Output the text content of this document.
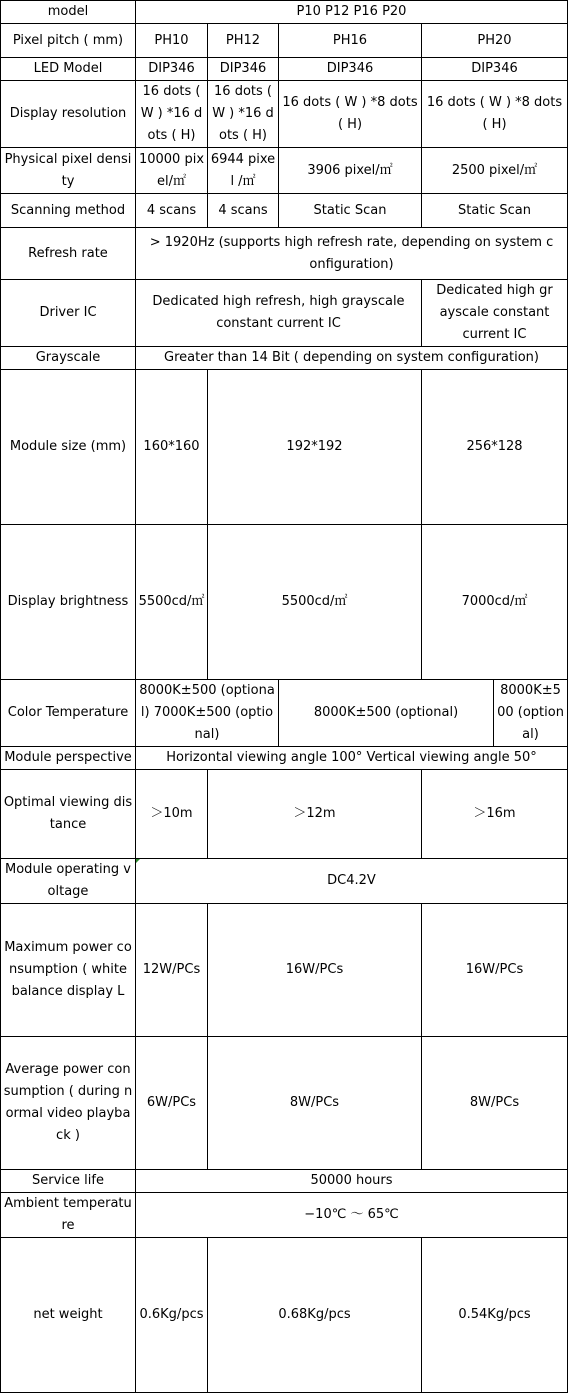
model	P10 P12 P16 P20					
Pixel pitch ( mm)	PH10	PH12	PH16	PH20		
LED Model	DIP346	DIP346	DIP346	DIP346		
Display resolution	16 dots ( W ) *16 dots ( H)	16 dots ( W ) *16 dots ( H)	16 dots ( W ) *8 dots ( H)	16 dots ( W ) *8 dots ( H)		
Physical pixel density	10000 pixel/㎡	6944 pixel /㎡	3906 pixel/㎡	2500 pixel/㎡		
Scanning method	4 scans	4 scans	Static Scan	Static Scan		
Refresh rate	> 1920Hz (supports high refresh rate, depending on system configuration)					
Driver IC	Dedicated high refresh, high grayscale constant current IC			Dedicated high grayscale constant current IC		
Grayscale	Greater than 14 Bit ( depending on system configuration)					
Module size (mm)	160*160	192*192		256*128	
Display brightness	5500cd/㎡	5500cd/㎡		7000cd/㎡	
Color Temperature	8000K±500 (optional) 7000K±500 (optional)		8000K±500 (optional)		8000K±500 (optional)	
Module perspective	Horizontal viewing angle 100° Vertical viewing angle 50°					
Optimal viewing distance	＞10m	＞12m		＞16m	
Module operating voltage	DC4.2V					
Maximum power consumption ( white balance display L	12W/PCs	16W/PCs		16W/PCs	
Average power consumption ( during normal video playback )	6W/PCs	8W/PCs		8W/PCs	
Service life	50000 hours					
Ambient temperature	−10℃ ～ 65℃					
net weight	0.6Kg/pcs	0.68Kg/pcs		0.54Kg/pcs	
